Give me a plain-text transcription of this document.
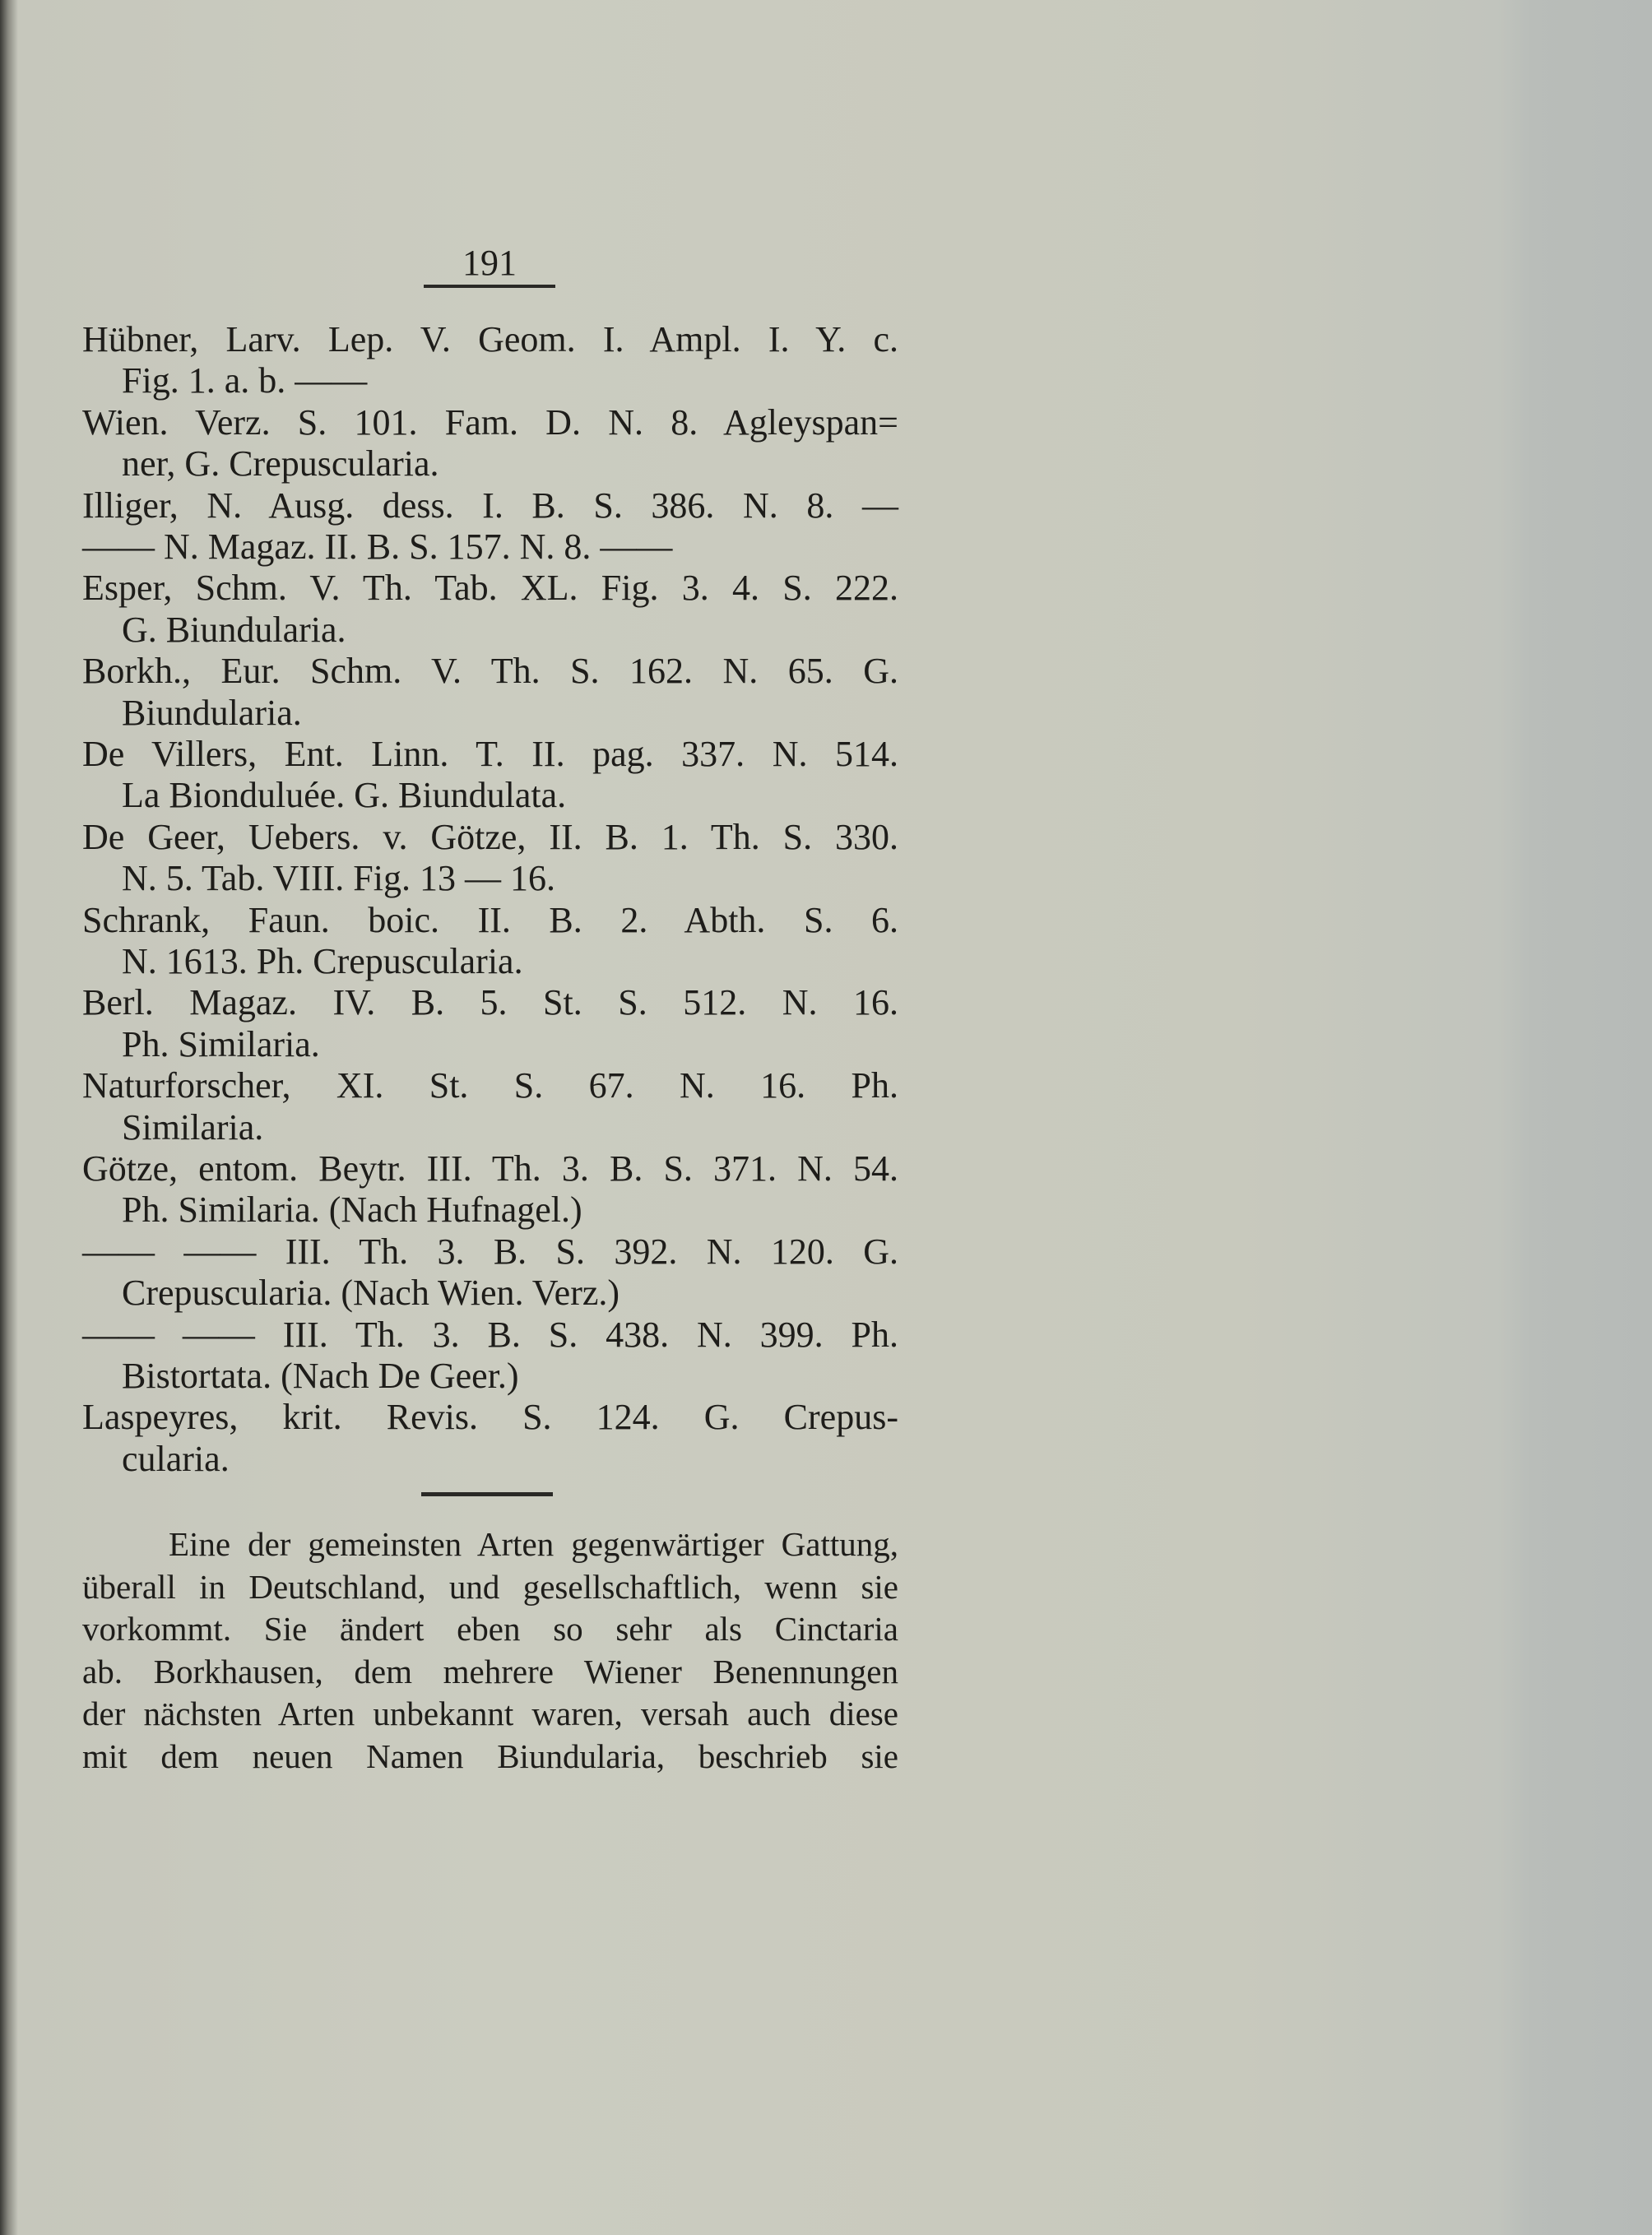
191
Hübner, Larv. Lep. V. Geom. I. Ampl. I. Y. c.
Fig. 1. a. b. ——
Wien. Verz. S. 101. Fam. D. N. 8. Agleyspan=
ner, G. Crepuscularia.
Illiger, N. Ausg. dess. I. B. S. 386. N. 8. —
—— N. Magaz. II. B. S. 157. N. 8. ——
Esper, Schm. V. Th. Tab. XL. Fig. 3. 4. S. 222.
G. Biundularia.
Borkh., Eur. Schm. V. Th. S. 162. N. 65. G.
Biundularia.
De Villers, Ent. Linn. T. II. pag. 337. N. 514.
La Bionduluée. G. Biundulata.
De Geer, Uebers. v. Götze, II. B. 1. Th. S. 330.
N. 5. Tab. VIII. Fig. 13 — 16.
Schrank, Faun. boic. II. B. 2. Abth. S. 6.
N. 1613. Ph. Crepuscularia.
Berl. Magaz. IV. B. 5. St. S. 512. N. 16.
Ph. Similaria.
Naturforscher, XI. St. S. 67. N. 16. Ph.
Similaria.
Götze, entom. Beytr. III. Th. 3. B. S. 371. N. 54.
Ph. Similaria. (Nach Hufnagel.)
—— —— III. Th. 3. B. S. 392. N. 120. G.
Crepuscularia. (Nach Wien. Verz.)
—— —— III. Th. 3. B. S. 438. N. 399. Ph.
Bistortata. (Nach De Geer.)
Laspeyres, krit. Revis. S. 124. G. Crepus-
cularia.
Eine der gemeinsten Arten gegenwärtiger Gattung,
überall in Deutschland, und gesellschaftlich, wenn sie
vorkommt. Sie ändert eben so sehr als Cinctaria
ab. Borkhausen, dem mehrere Wiener Benennungen
der nächsten Arten unbekannt waren, versah auch diese
mit dem neuen Namen Biundularia, beschrieb sie
